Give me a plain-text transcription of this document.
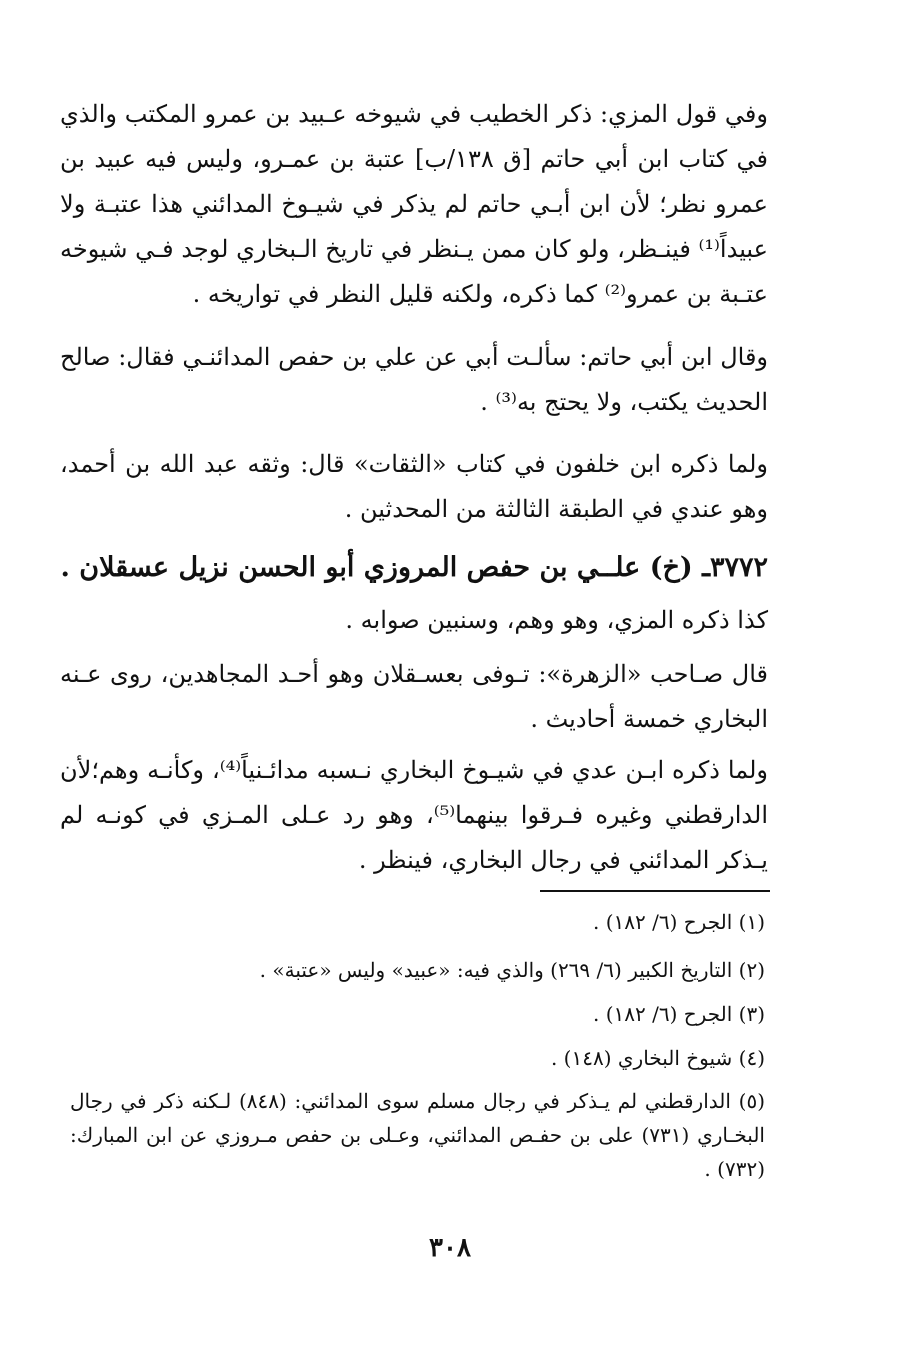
وفي قول المزي: ذكر الخطيب في شيوخه عـبيد بن عمرو المكتب والذي في كتاب ابن أبي حاتم [ق ١٣٨/ب] عتبة بن عمـرو، وليس فيه عبيد بن عمرو نظر؛ لأن ابن أبـي حاتم لم يذكر في شيـوخ المدائني هذا عتبـة ولا عبيداً⁽¹⁾ فينـظر، ولو كان ممن يـنظر في تاريخ الـبخاري لوجد فـي شيوخه عتـبة بن عمرو⁽²⁾ كما ذكره، ولكنه قليل النظر في تواريخه .

وقال ابن أبي حاتم: سألـت أبي عن علي بن حفص المدائنـي فقال: صالح الحديث يكتب، ولا يحتج به⁽³⁾ .

ولما ذكره ابن خلفون في كتاب «الثقات» قال: وثقه عبد الله بن أحمد، وهو عندي في الطبقة الثالثة من المحدثين .

٣٧٧٢ـ (خ) علــي بن حفص المروزي أبو الحسن نزيل عسقلان .

كذا ذكره المزي، وهو وهم، وسنبين صوابه .

قال صـاحب «الزهرة»: تـوفى بعسـقلان وهو أحـد المجاهدين، روى عـنه البخاري خمسة أحاديث .

ولما ذكره ابـن عدي في شيـوخ البخاري نـسبه مدائـنياً⁽⁴⁾، وكأنـه وهم؛لأن الدارقطني وغيره فـرقوا بينهما⁽⁵⁾، وهو رد عـلى المـزي في كونـه لم يـذكر المدائني في رجال البخاري، فينظر .

(١) الجرح (٦/ ١٨٢) .

(٢) التاريخ الكبير (٦/ ٢٦٩) والذي فيه: «عبيد» وليس «عتبة» .

(٣) الجرح (٦/ ١٨٢) .

(٤) شيوخ البخاري (١٤٨) .

(٥) الدارقطني لم يـذكر في رجال مسلم سوى المدائني: (٨٤٨) لـكنه ذكر في رجال البخـاري (٧٣١) على بن حفـص المدائني، وعـلى بن حفص مـروزي عن ابن المبارك: (٧٣٢) .

٣٠٨
